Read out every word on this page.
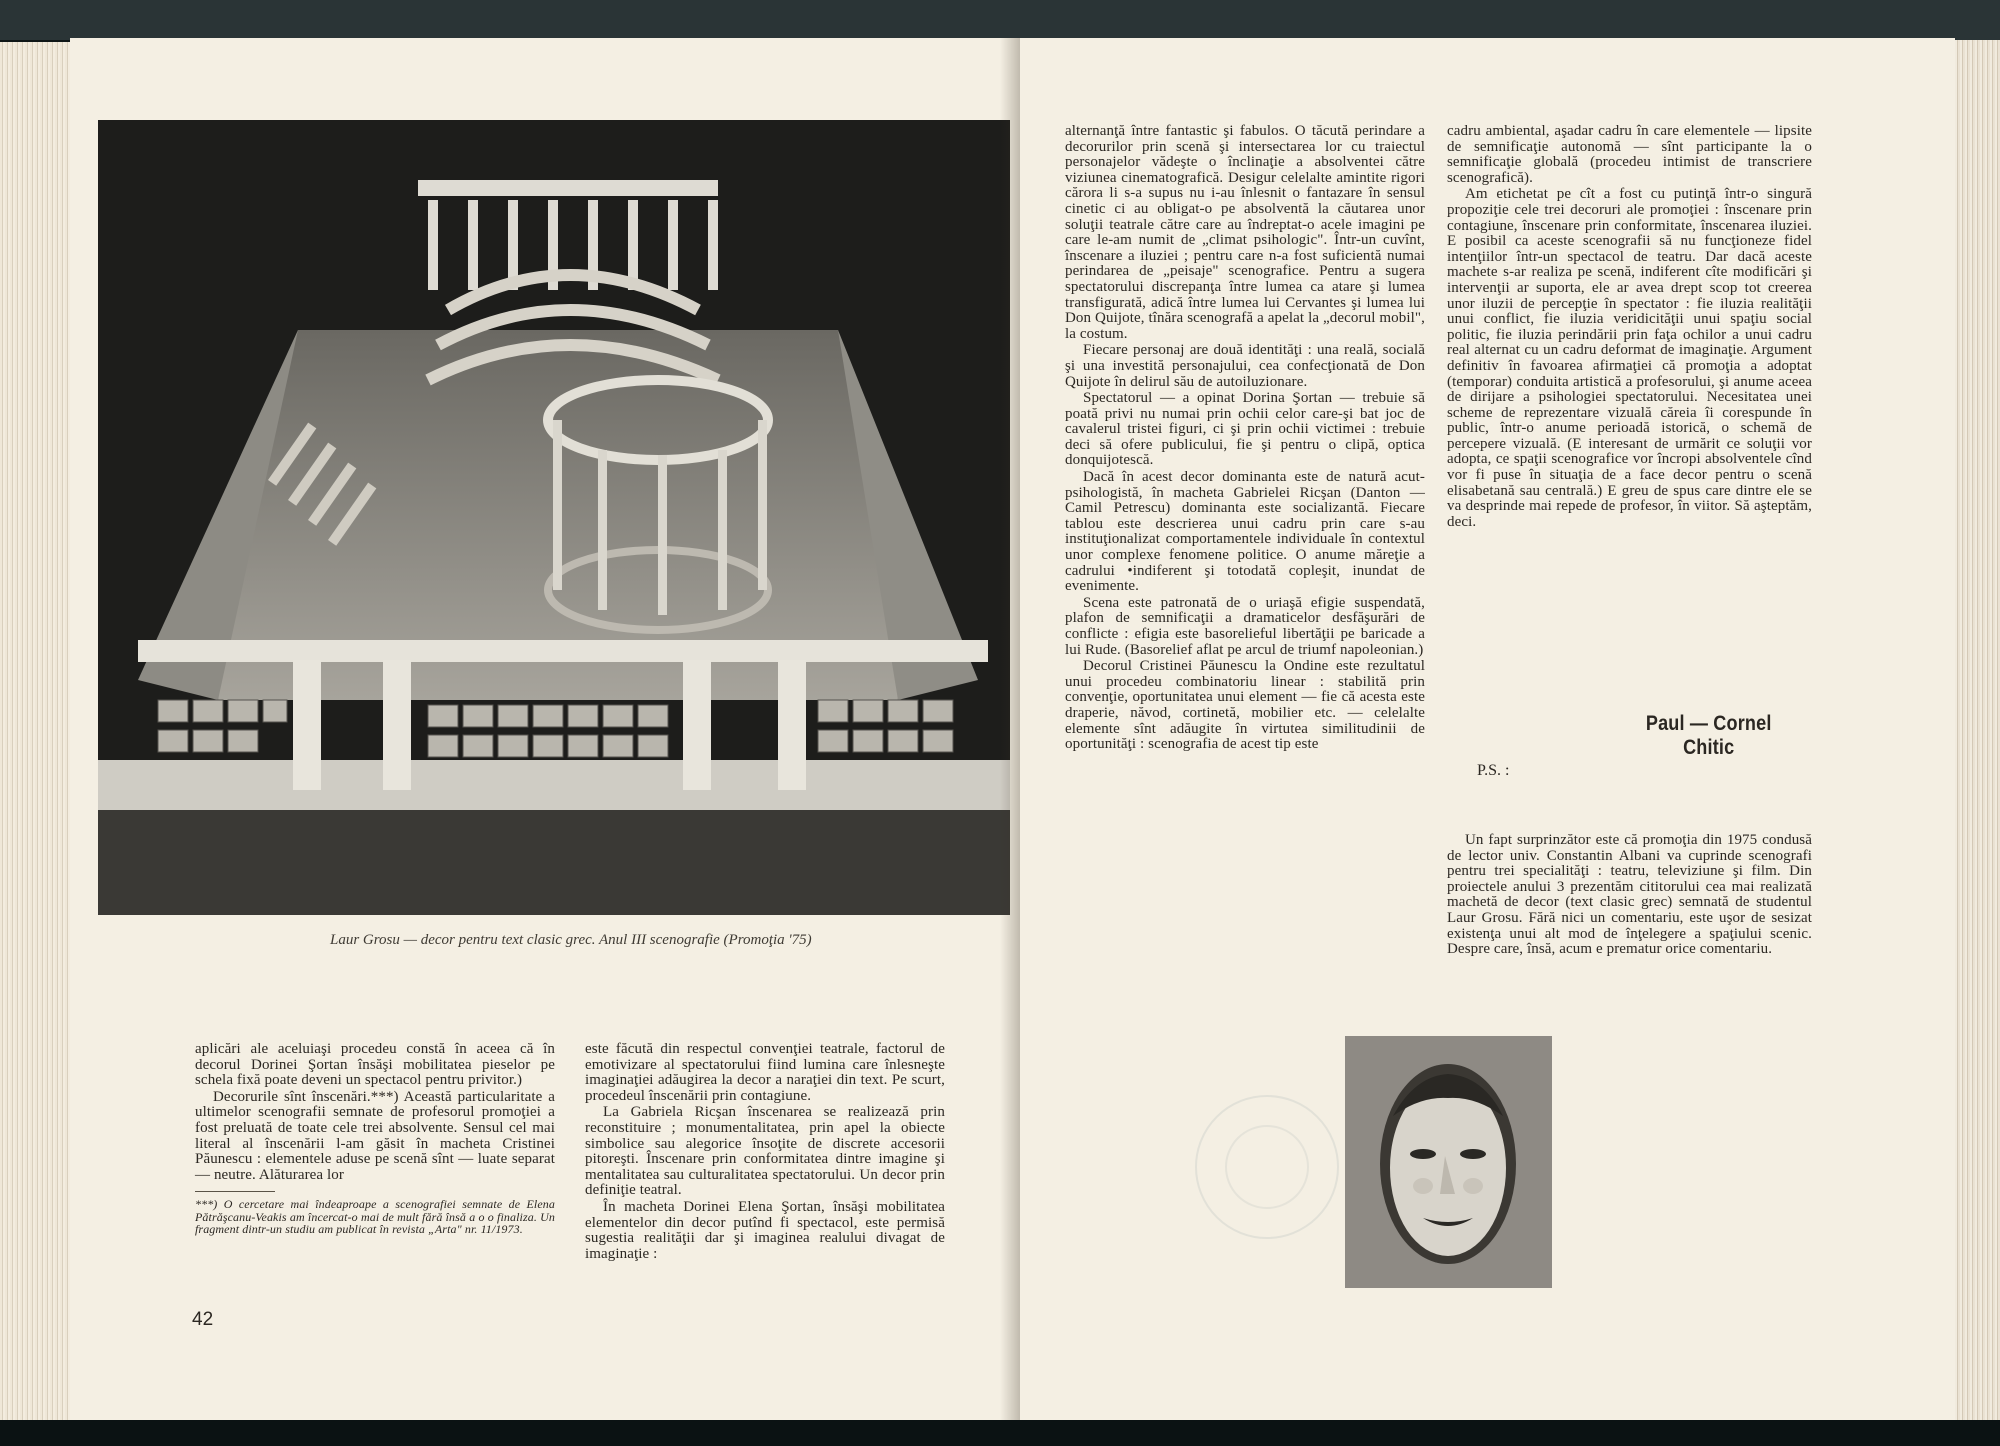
Laur Grosu — decor pentru text clasic grec. Anul III scenografie (Promoţia '75)

aplicări ale aceluiaşi procedeu constă în aceea că în decorul Dorinei Şortan însăşi mobilitatea pieselor pe schela fixă poate deveni un spectacol pentru privitor.)

Decorurile sînt înscenări.***) Această particularitate a ultimelor scenografii semnate de profesorul promoţiei a fost preluată de toate cele trei absolvente. Sensul cel mai literal al înscenării l-am găsit în macheta Cristinei Păunescu : elementele aduse pe scenă sînt — luate separat — neutre. Alăturarea lor

***) O cercetare mai îndeaproape a scenografiei semnate de Elena Pătrăşcanu-Veakis am încercat-o mai de mult fără însă a o o finaliza. Un fragment dintr-un studiu am publicat în revista „Arta" nr. 11/1973.

este făcută din respectul convenţiei teatrale, factorul de emotivizare al spectatorului fiind lumina care înlesneşte imaginaţiei adăugirea la decor a naraţiei din text. Pe scurt, procedeul înscenării prin contagiune.

La Gabriela Ricşan înscenarea se realizează prin reconstituire ; monumentalitatea, prin apel la obiecte simbolice sau alegorice însoţite de discrete accesorii pitoreşti. Înscenare prin conformitatea dintre imagine şi mentalitatea sau culturalitatea spectatorului. Un decor prin definiţie teatral.

În macheta Dorinei Elena Şortan, însăşi mobilitatea elementelor din decor putînd fi spectacol, este permisă sugestia realităţii dar şi imaginea realului divagat de imaginaţie :

42

alternanţă între fantastic şi fabulos. O tăcută perindare a decorurilor prin scenă şi intersectarea lor cu traiectul personajelor vădeşte o înclinaţie a absolventei către viziunea cinematografică. Desigur celelalte amintite rigori cărora li s-a supus nu i-au înlesnit o fantazare în sensul cinetic ci au obligat-o pe absolventă la căutarea unor soluţii teatrale către care au îndreptat-o acele imagini pe care le-am numit de „climat psihologic". Într-un cuvînt, înscenare a iluziei ; pentru care n-a fost suficientă numai perindarea de „peisaje" scenografice. Pentru a sugera spectatorului discrepanţa între lumea ca atare şi lumea transfigurată, adică între lumea lui Cervantes şi lumea lui Don Quijote, tînăra scenografă a apelat la „decorul mobil", la costum.

Fiecare personaj are două identităţi : una reală, socială şi una investită personajului, cea confecţionată de Don Quijote în delirul său de autoiluzionare.

Spectatorul — a opinat Dorina Şortan — trebuie să poată privi nu numai prin ochii celor care-şi bat joc de cavalerul tristei figuri, ci şi prin ochii victimei : trebuie deci să ofere publicului, fie şi pentru o clipă, optica donquijotescă.

Dacă în acest decor dominanta este de natură acut-psihologistă, în macheta Gabrielei Ricşan (Danton — Camil Petrescu) dominanta este socializantă. Fiecare tablou este descrierea unui cadru prin care s-au instituţionalizat comportamentele individuale în contextul unor complexe fenomene politice. O anume măreţie a cadrului •indiferent şi totodată copleşit, inundat de evenimente.

Scena este patronată de o uriaşă efigie suspendată, plafon de semnificaţii a dramaticelor desfăşurări de conflicte : efigia este basorelieful libertăţii pe baricade a lui Rude. (Basorelief aflat pe arcul de triumf napoleonian.)

Decorul Cristinei Păunescu la Ondine este rezultatul unui procedeu combinatoriu linear : stabilită prin convenţie, oportunitatea unui element — fie că acesta este draperie, năvod, cortinetă, mobilier etc. — celelalte elemente sînt adăugite în virtutea similitudinii de oportunităţi : scenografia de acest tip este

cadru ambiental, aşadar cadru în care elementele — lipsite de semnificaţie autonomă — sînt participante la o semnificaţie globală (procedeu intimist de transcriere scenografică).

Am etichetat pe cît a fost cu putinţă într-o singură propoziţie cele trei decoruri ale promoţiei : înscenare prin contagiune, înscenare prin conformitate, înscenarea iluziei. E posibil ca aceste scenografii să nu funcţioneze fidel intenţiilor într-un spectacol de teatru. Dar dacă aceste machete s-ar realiza pe scenă, indiferent cîte modificări şi intervenţii ar suporta, ele ar avea drept scop tot creerea unor iluzii de percepţie în spectator : fie iluzia realităţii unui conflict, fie iluzia veridicităţii unui spaţiu social politic, fie iluzia perindării prin faţa ochilor a unui cadru real alternat cu un cadru deformat de imaginaţie. Argument definitiv în favoarea afirmaţiei că promoţia a adoptat (temporar) conduita artistică a profesorului, şi anume aceea de dirijare a psihologiei spectatorului. Necesitatea unei scheme de reprezentare vizuală căreia îi corespunde în public, într-o anume perioadă istorică, o schemă de percepere vizuală. (E interesant de urmărit ce soluţii vor adopta, ce spaţii scenografice vor încropi absolventele cînd vor fi puse în situaţia de a face decor pentru o scenă elisabetană sau centrală.) E greu de spus care dintre ele se va desprinde mai repede de profesor, în viitor. Să aşteptăm, deci.

Un fapt surprinzător este că promoţia din 1975 condusă de lector univ. Constantin Albani va cuprinde scenografi pentru trei specialităţi : teatru, televiziune şi film. Din proiectele anului 3 prezentăm cititorului cea mai realizată machetă de decor (text clasic grec) semnată de studentul Laur Grosu. Fără nici un comentariu, este uşor de sesizat existenţa unui alt mod de înţelegere a spaţiului scenic. Despre care, însă, acum e prematur orice comentariu.

Paul — Cornel Chitic
P.S. :
